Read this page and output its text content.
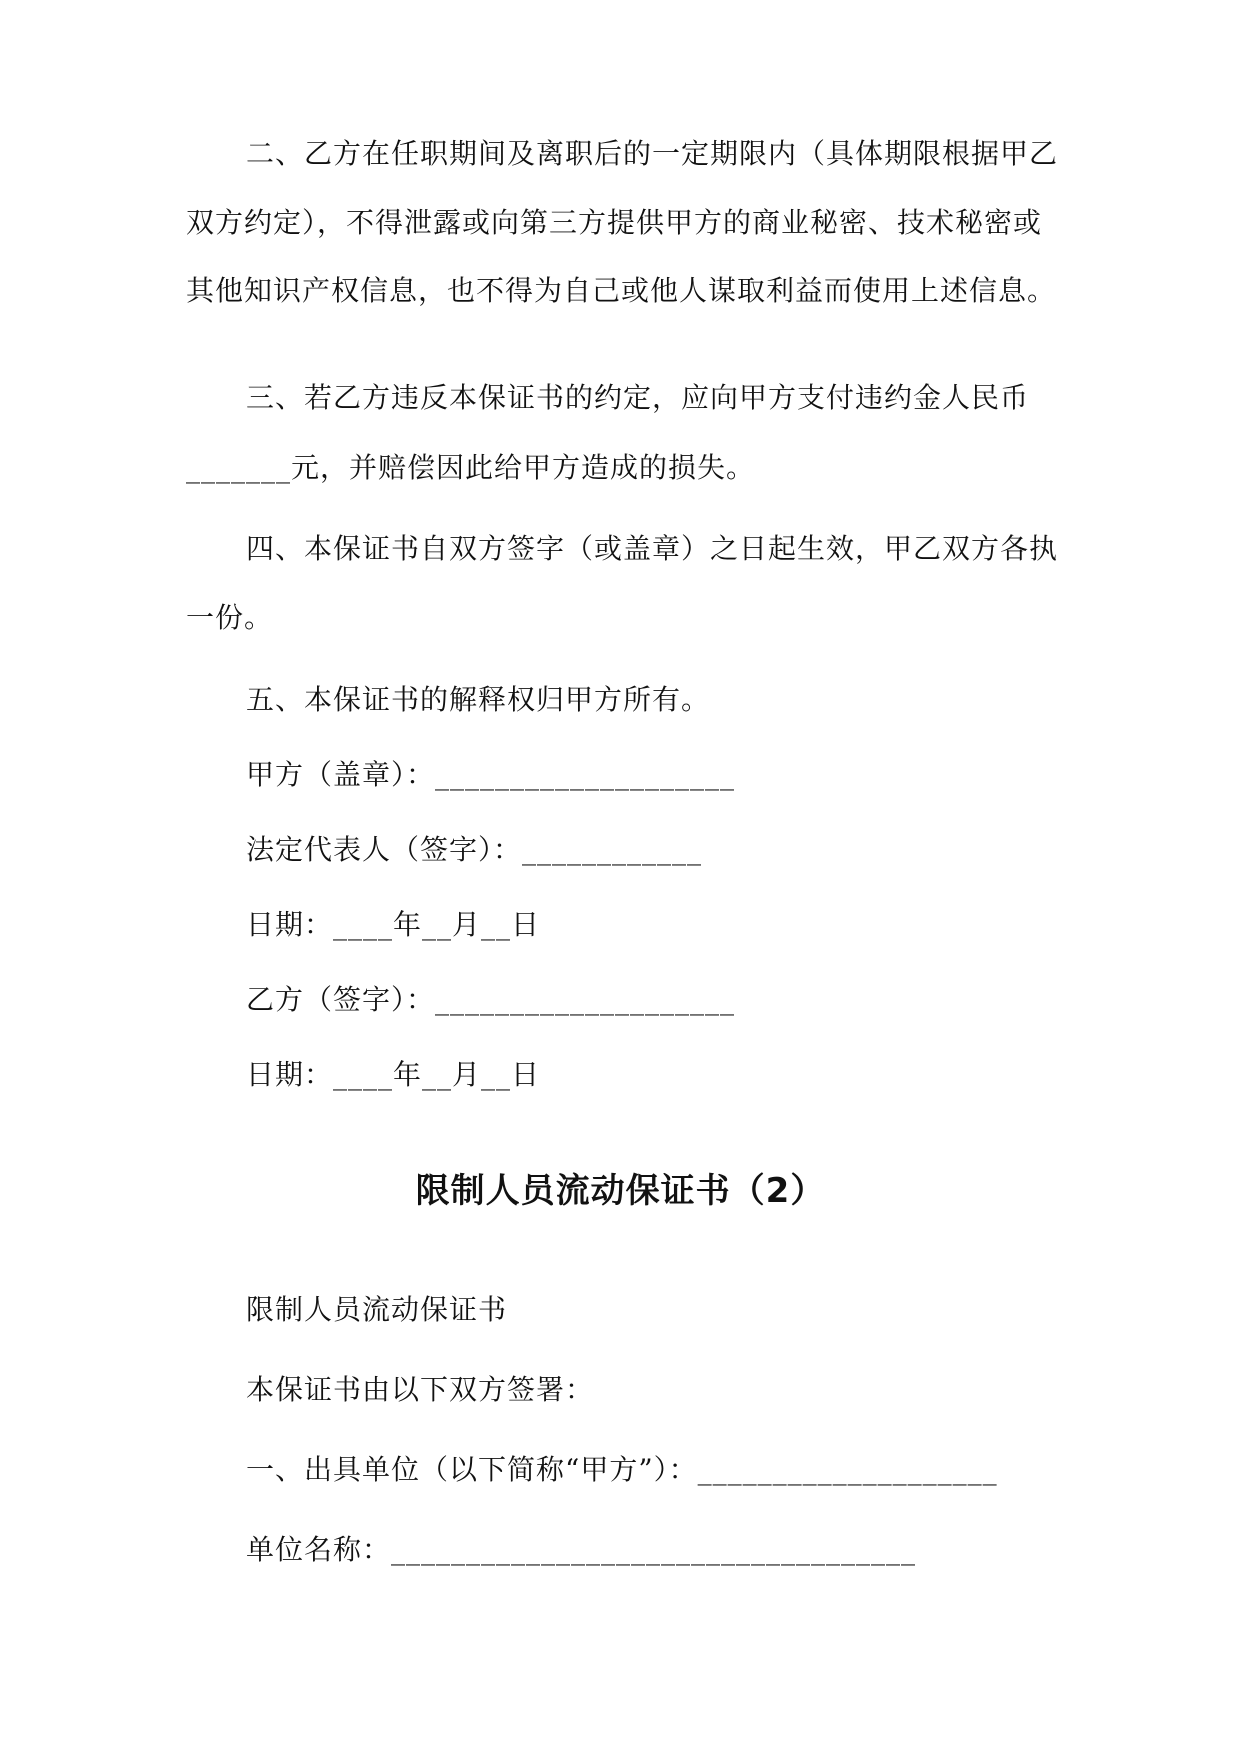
二、乙方在任职期间及离职后的一定期限内（具体期限根据甲乙
双方约定），不得泄露或向第三方提供甲方的商业秘密、技术秘密或
其他知识产权信息，也不得为自己或他人谋取利益而使用上述信息。
三、若乙方违反本保证书的约定，应向甲方支付违约金人民币
_______元，并赔偿因此给甲方造成的损失。
四、本保证书自双方签字（或盖章）之日起生效，甲乙双方各执
一份。
五、本保证书的解释权归甲方所有。
甲方（盖章）：____________________
法定代表人（签字）：____________
日期：____年__月__日
乙方（签字）：____________________
日期：____年__月__日
限制人员流动保证书（2）
限制人员流动保证书
本保证书由以下双方签署：
一、出具单位（以下简称“甲方”）：____________________
单位名称：___________________________________
